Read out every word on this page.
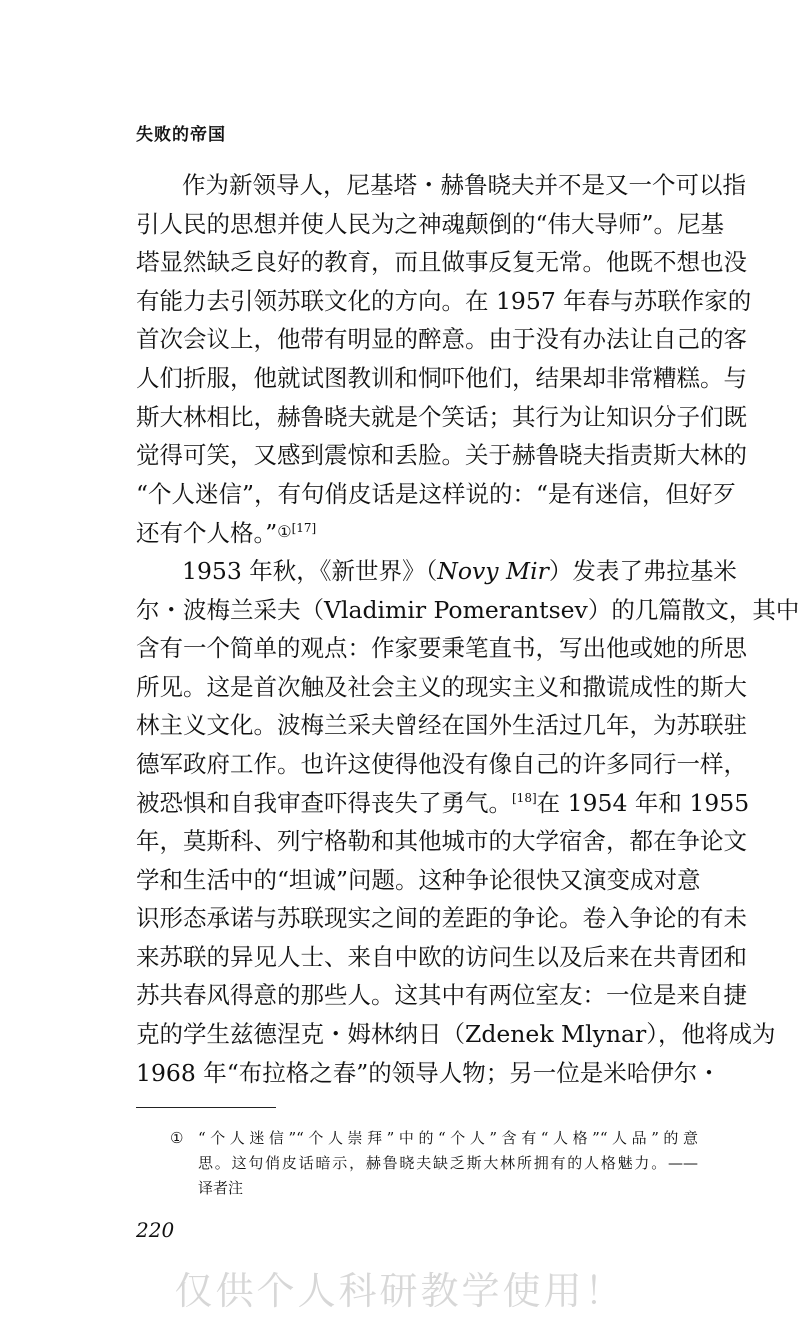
失败的帝国
作为新领导人，尼基塔・赫鲁晓夫并不是又一个可以指
引人民的思想并使人民为之神魂颠倒的“伟大导师”。尼基
塔显然缺乏良好的教育，而且做事反复无常。他既不想也没
有能力去引领苏联文化的方向。在 1957 年春与苏联作家的
首次会议上，他带有明显的醉意。由于没有办法让自己的客
人们折服，他就试图教训和恫吓他们，结果却非常糟糕。与
斯大林相比，赫鲁晓夫就是个笑话；其行为让知识分子们既
觉得可笑，又感到震惊和丢脸。关于赫鲁晓夫指责斯大林的
“个人迷信”，有句俏皮话是这样说的：“是有迷信，但好歹
还有个人格。”①[17]
1953 年秋，《新世界》（Novy Mir）发表了弗拉基米
尔・波梅兰采夫（Vladimir Pomerantsev）的几篇散文，其中
含有一个简单的观点：作家要秉笔直书，写出他或她的所思
所见。这是首次触及社会主义的现实主义和撒谎成性的斯大
林主义文化。波梅兰采夫曾经在国外生活过几年，为苏联驻
德军政府工作。也许这使得他没有像自己的许多同行一样，
被恐惧和自我审查吓得丧失了勇气。[18]在 1954 年和 1955
年，莫斯科、列宁格勒和其他城市的大学宿舍，都在争论文
学和生活中的“坦诚”问题。这种争论很快又演变成对意
识形态承诺与苏联现实之间的差距的争论。卷入争论的有未
来苏联的异见人士、来自中欧的访问生以及后来在共青团和
苏共春风得意的那些人。这其中有两位室友：一位是来自捷
克的学生兹德涅克・姆林纳日（Zdenek Mlynar），他将成为
1968 年“布拉格之春”的领导人物；另一位是米哈伊尔・
① “个人迷信”“个人崇拜”中的“个人”含有“人格”“人品”的意
思。这句俏皮话暗示，赫鲁晓夫缺乏斯大林所拥有的人格魅力。——
译者注
220
仅供个人科研教学使用！
